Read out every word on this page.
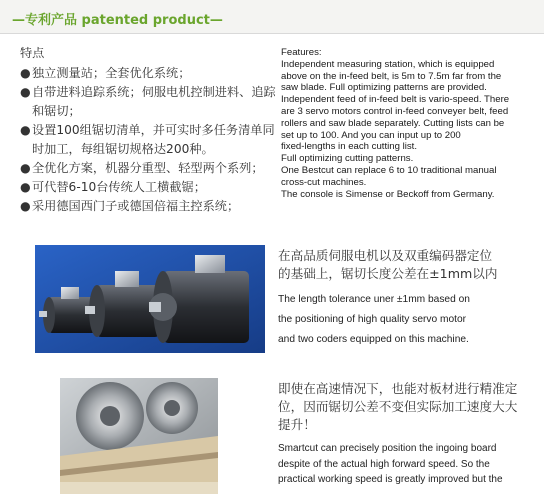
—专利产品 patented product—
特点
● 独立测量站；全套优化系统；
● 自带进料追踪系统；伺服电机控制进料、追踪
和锯切；
● 设置100组锯切清单，并可实时多任务清单同
时加工，每组锯切规格达200种。
● 全优化方案，机器分重型、轻型两个系列；
● 可代替6-10台传统人工横截锯；
● 采用德国西门子或德国倍福主控系统；
Features:
Independent measuring station, which is equipped
above on the in-feed belt, is 5m to 7.5m far from the
saw blade. Full optimizing patterns are provided.
Independent feed of in-feed belt is vario-speed. There
are 3 servo motors control in-feed conveyer belt, feed
rollers and saw blade separately. Cutting lists can be
set up to 100. And you can input up to 200
fixed-lengths in each cutting list.
Full optimizing cutting patterns.
One Bestcut can replace 6 to 10 traditional manual
cross-cut machines.
The console is Simense or Beckoff from Germany.
在高品质伺服电机以及双重编码器定位
的基础上，锯切长度公差在±1mm以内
The length tolerance uner ±1mm based on
the positioning of high quality servo motor
and two coders equipped on this machine.
即使在高速情况下，也能对板材进行精准定
位，因而锯切公差不变但实际加工速度大大
提升！
Smartcut can precisely position the ingoing board
despite of the actual high forward speed. So the
practical working speed is greatly improved but the
